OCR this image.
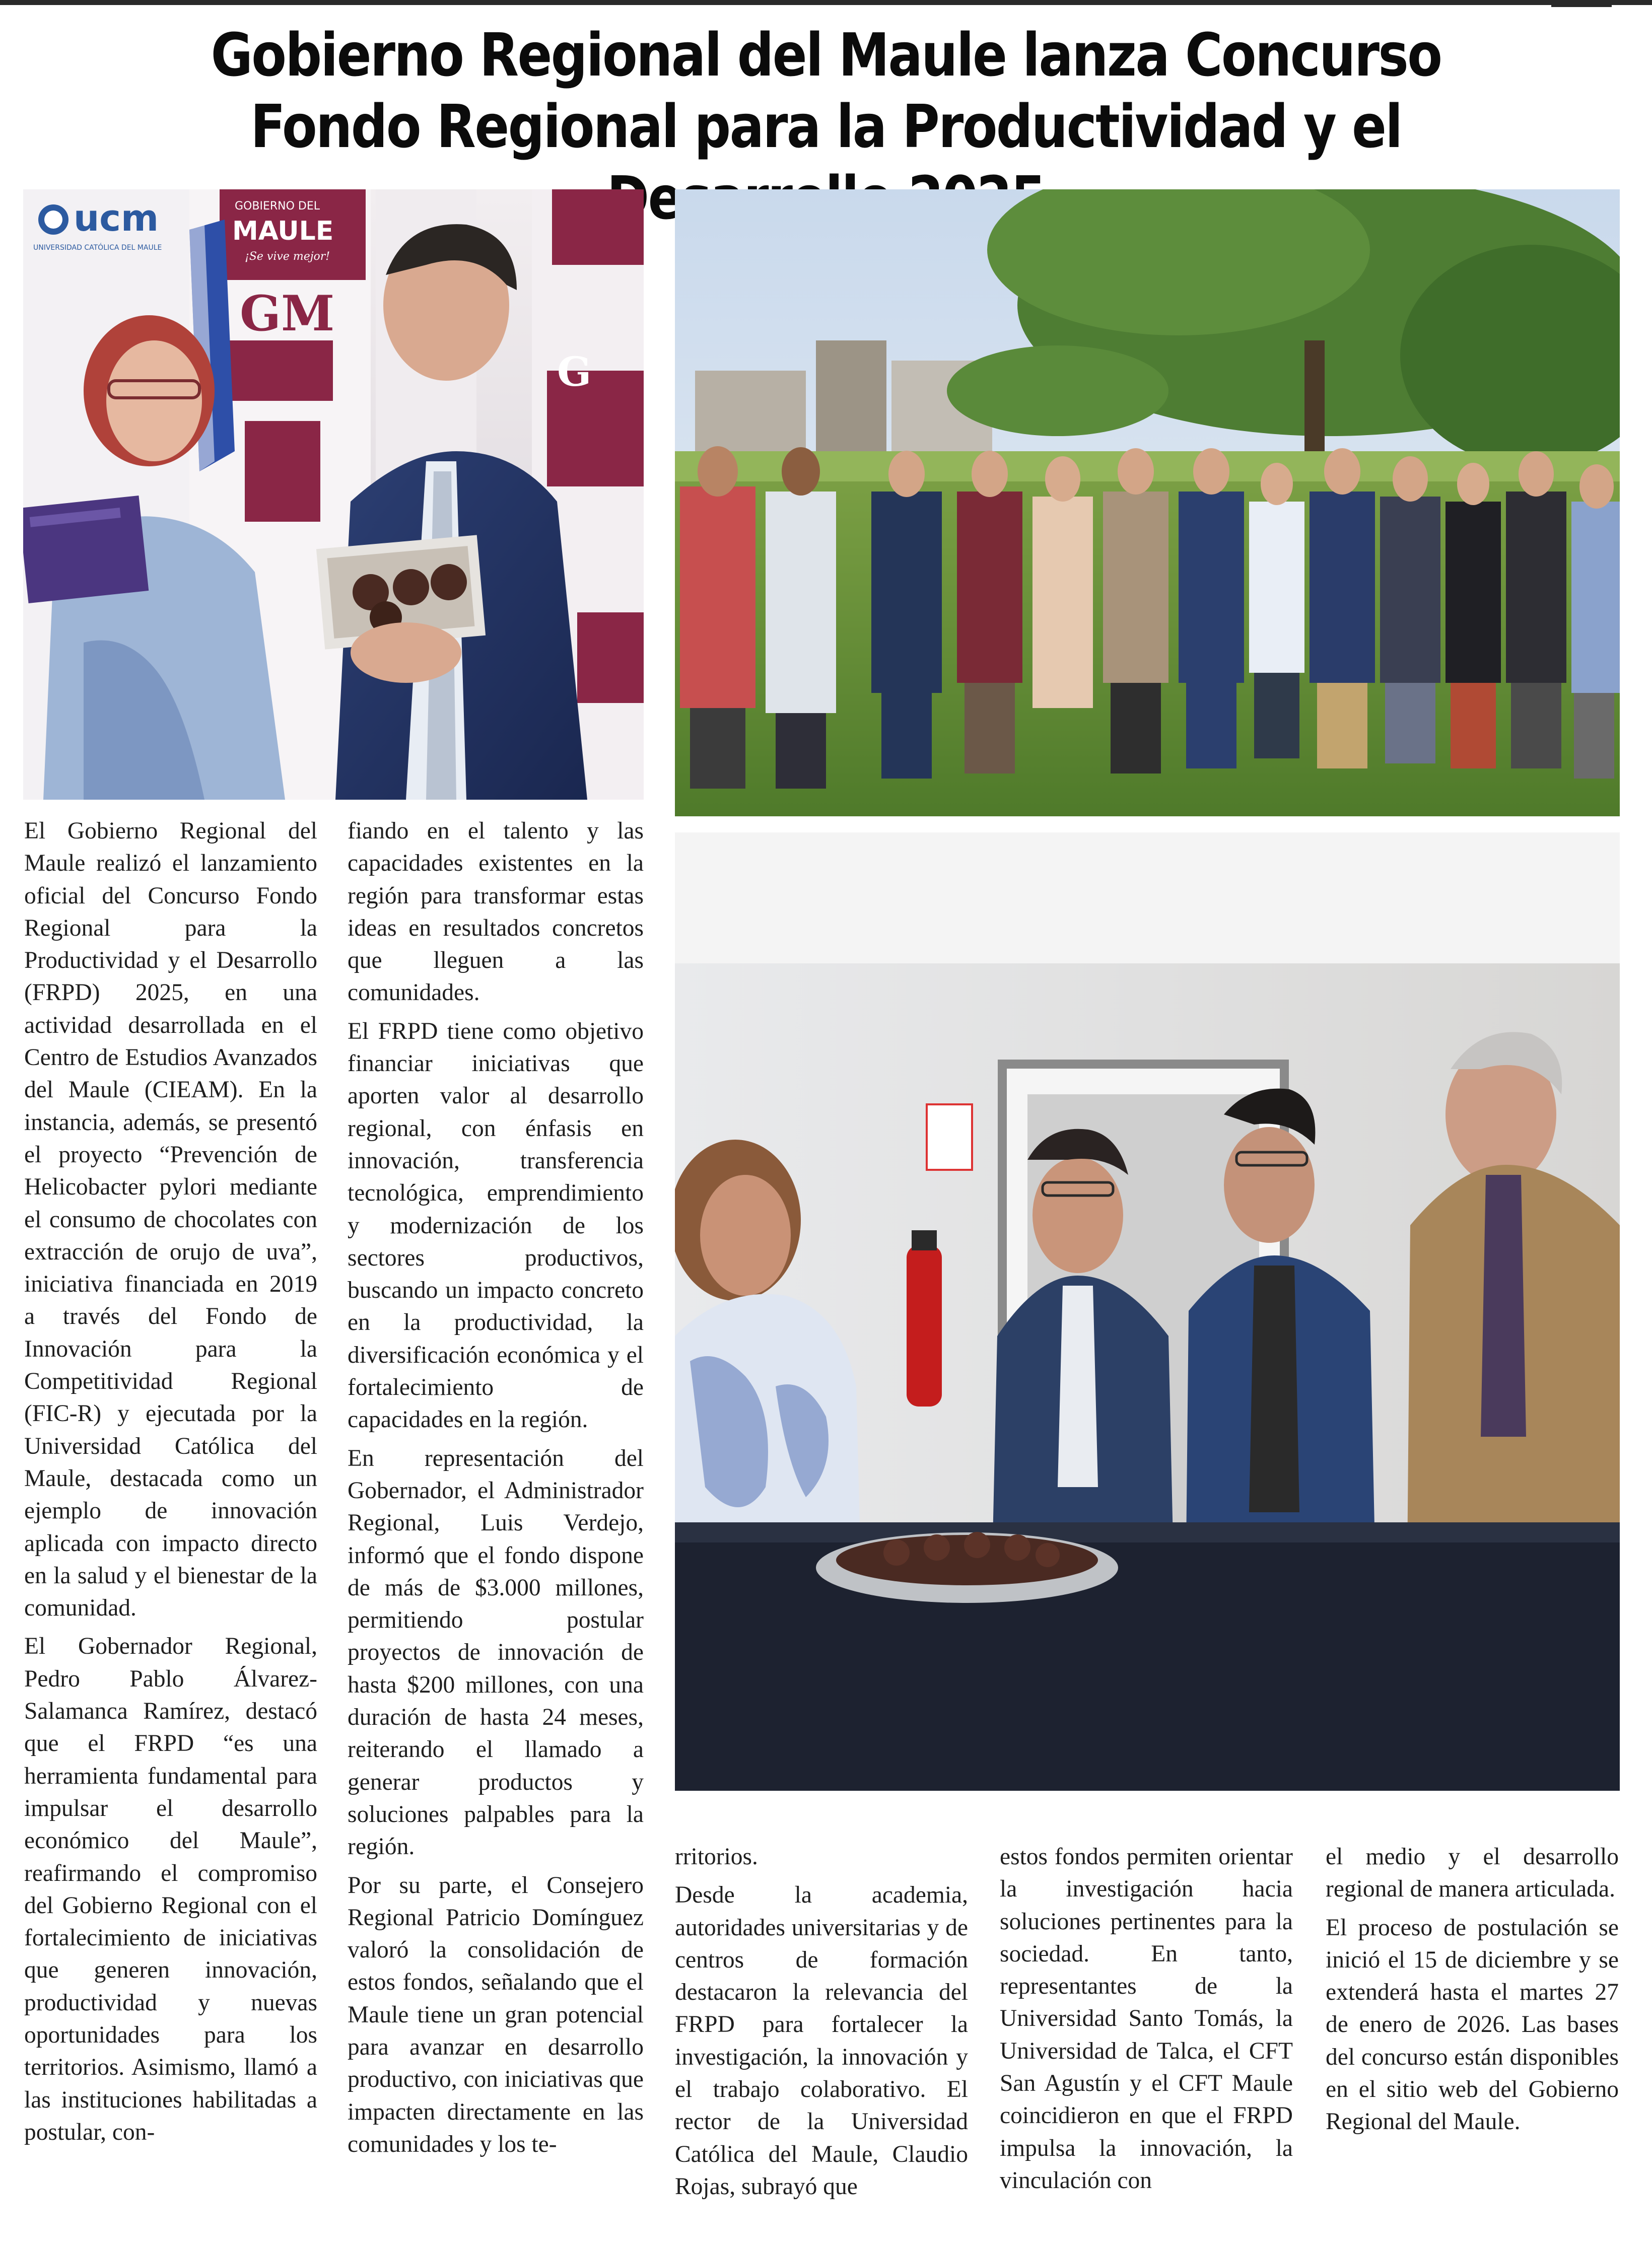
Gobierno Regional del Maule lanza Concurso Fondo Regional para la Productividad y el
ucm
UNIVERSIDAD CATÓLICA DEL MAULE
GOBIERNO DEL
MAULE
¡Se vive mejor!
GM
G

El Gobierno Regional del Maule realizó el lanzamiento oficial del Concurso Fondo Regional para la Productividad y el Desarrollo (FRPD) 2025, en una actividad desarrollada en el Centro de Estudios Avanzados del Maule (CIEAM). En la instancia, además, se presentó el proyecto “Prevención de Helicobacter pylori mediante el consumo de chocolates con extracción de orujo de uva”, iniciativa financiada en 2019 a través del Fondo de Innovación para la Competitividad Regional (FIC-R) y ejecutada por la Universidad Católica del Maule, destacada como un ejemplo de innovación aplicada con impacto directo en la salud y el bienestar de la comunidad.

El Gobernador Regional, Pedro Pablo Álvarez-Salamanca Ramírez, destacó que el FRPD “es una herramienta fundamental para impulsar el desarrollo económico del Maule”, reafirmando el compromiso del Gobierno Regional con el fortalecimiento de iniciativas que generen innovación, productividad y nuevas oportunidades para los territorios. Asimismo, llamó a las instituciones habilitadas a postular, con-

fiando en el talento y las capacidades existentes en la región para transformar estas ideas en resultados concretos que lleguen a las comunidades.

El FRPD tiene como objetivo financiar iniciativas que aporten valor al desarrollo regional, con énfasis en innovación, transferencia tecnológica, emprendimiento y modernización de los sectores productivos, buscando un impacto concreto en la productividad, la diversificación económica y el fortalecimiento de capacidades en la región.

En representación del Gobernador, el Administrador Regional, Luis Verdejo, informó que el fondo dispone de más de $3.000 millones, permitiendo postular proyectos de innovación de hasta $200 millones, con una duración de hasta 24 meses, reiterando el llamado a generar productos y soluciones palpables para la región.

Por su parte, el Consejero Regional Patricio Domínguez valoró la consolidación de estos fondos, señalando que el Maule tiene un gran potencial para avanzar en desarrollo productivo, con iniciativas que impacten directamente en las comunidades y los te-

rritorios.

Desde la academia, autoridades universitarias y de centros de formación destacaron la relevancia del FRPD para fortalecer la investigación, la innovación y el trabajo colaborativo. El rector de la Universidad Católica del Maule, Claudio Rojas, subrayó que

estos fondos permiten orientar la investigación hacia soluciones pertinentes para la sociedad. En tanto, representantes de la Universidad Santo Tomás, la Universidad de Talca, el CFT San Agustín y el CFT Maule coincidieron en que el FRPD impulsa la innovación, la vinculación con

el medio y el desarrollo regional de manera articulada.

El proceso de postulación se inició el 15 de diciembre y se extenderá hasta el martes 27 de enero de 2026. Las bases del concurso están disponibles en el sitio web del Gobierno Regional del Maule.
